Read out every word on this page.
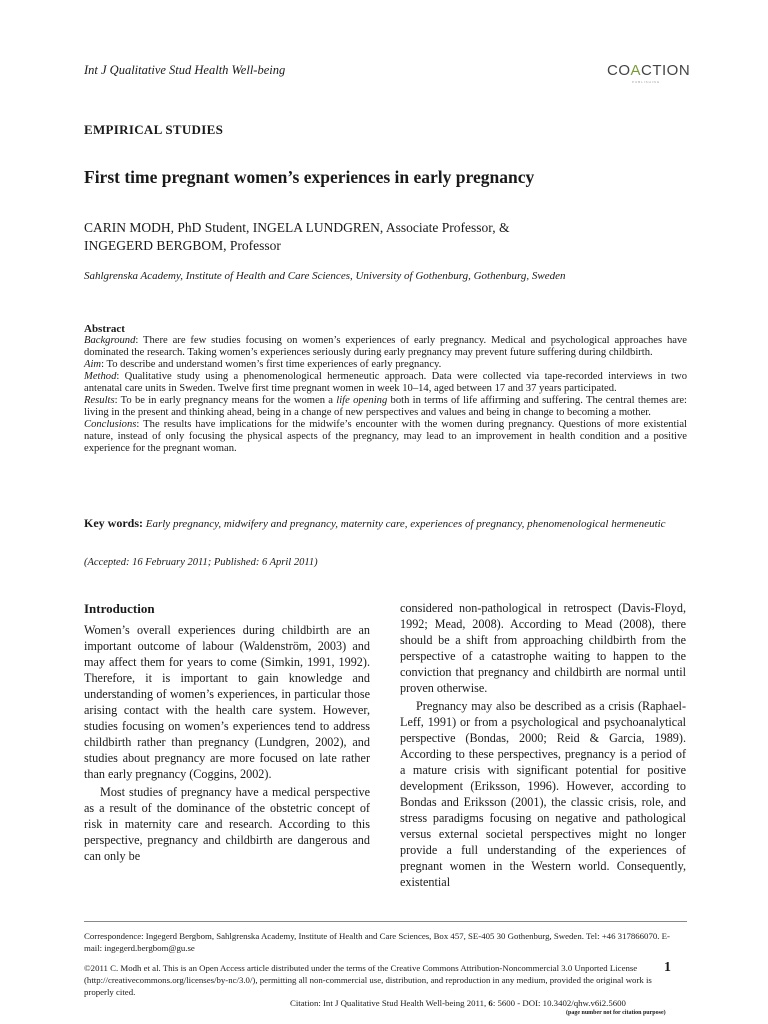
Int J Qualitative Stud Health Well-being	COACTION
PUBLISHING
EMPIRICAL STUDIES
First time pregnant women’s experiences in early pregnancy
CARIN MODH, PhD Student, INGELA LUNDGREN, Associate Professor, &
INGEGERD BERGBOM, Professor
Sahlgrenska Academy, Institute of Health and Care Sciences, University of Gothenburg, Gothenburg, Sweden

Abstract

Background: There are few studies focusing on women’s experiences of early pregnancy. Medical and psychological approaches have dominated the research. Taking women’s experiences seriously during early pregnancy may prevent future suffering during childbirth.

Aim: To describe and understand women’s first time experiences of early pregnancy.

Method: Qualitative study using a phenomenological hermeneutic approach. Data were collected via tape-recorded interviews in two antenatal care units in Sweden. Twelve first time pregnant women in week 10–14, aged between 17 and 37 years participated.

Results: To be in early pregnancy means for the women a life opening both in terms of life affirming and suffering. The central themes are: living in the present and thinking ahead, being in a change of new perspectives and values and being in change to becoming a mother.

Conclusions: The results have implications for the midwife’s encounter with the women during pregnancy. Questions of more existential nature, instead of only focusing the physical aspects of the pregnancy, may lead to an improvement in health condition and a positive experience for the pregnant woman.

Key words: Early pregnancy, midwifery and pregnancy, maternity care, experiences of pregnancy, phenomenological hermeneutic
(Accepted: 16 February 2011; Published: 6 April 2011)
Introduction

Women’s overall experiences during childbirth are an important outcome of labour (Waldenström, 2003) and may affect them for years to come (Simkin, 1991, 1992). Therefore, it is important to gain knowledge and understanding of women’s experiences, in particular those arising contact with the health care system. However, studies focusing on women’s experiences tend to address childbirth rather than pregnancy (Lundgren, 2002), and studies about pregnancy are more focused on late rather than early pregnancy (Coggins, 2002).

Most studies of pregnancy have a medical perspective as a result of the dominance of the obstetric concept of risk in maternity care and research. According to this perspective, pregnancy and childbirth are dangerous and can only be

considered non-pathological in retrospect (Davis-Floyd, 1992; Mead, 2008). According to Mead (2008), there should be a shift from approaching childbirth from the perspective of a catastrophe waiting to happen to the conviction that pregnancy and childbirth are normal until proven otherwise.

Pregnancy may also be described as a crisis (Raphael-Leff, 1991) or from a psychological and psychoanalytical perspective (Bondas, 2000; Reid & Garcia, 1989). According to these perspectives, pregnancy is a period of a mature crisis with significant potential for positive development (Eriksson, 1996). However, according to Bondas and Eriksson (2001), the classic crisis, role, and stress paradigms focusing on negative and pathological versus external societal perspectives might no longer provide a full understanding of the experiences of pregnant women in the Western world. Consequently, existential

Correspondence: Ingegerd Bergbom, Sahlgrenska Academy, Institute of Health and Care Sciences, Box 457, SE-405 30 Gothenburg, Sweden. Tel: +46 317866070. E-mail: ingegerd.bergbom@gu.se
©2011 C. Modh et al. This is an Open Access article distributed under the terms of the Creative Commons Attribution-Noncommercial 3.0 Unported License (http://creativecommons.org/licenses/by-nc/3.0/), permitting all non-commercial use, distribution, and reproduction in any medium, provided the original work is properly cited.
1
Citation: Int J Qualitative Stud Health Well-being 2011, 6: 5600 - DOI: 10.3402/qhw.v6i2.5600
(page number not for citation purpose)
